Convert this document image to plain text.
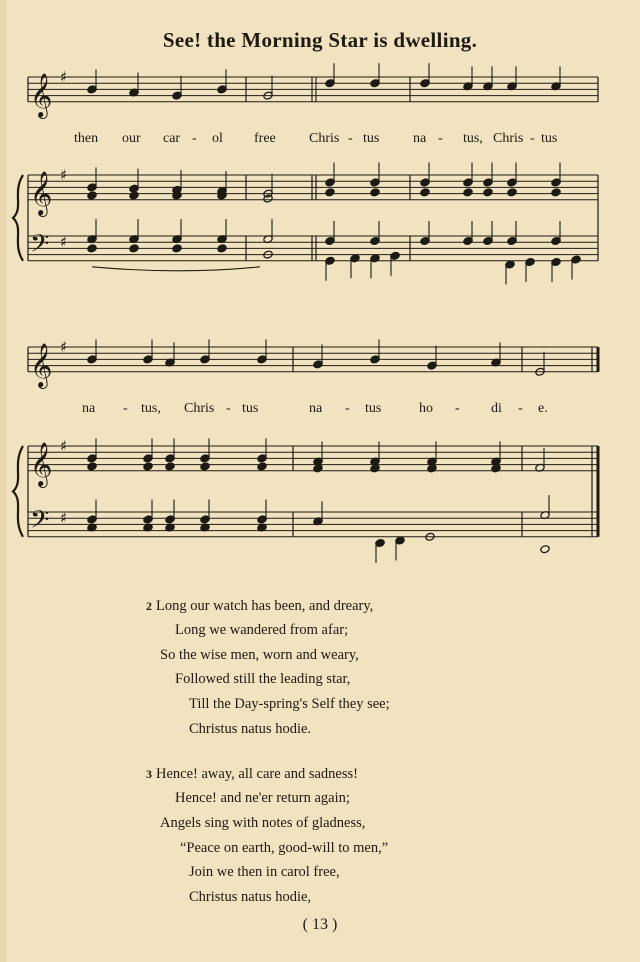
See! the Morning Star is dwelling.
𝄞 ♯
𝄞 ♯
𝄢 ♯
𝄞 ♯
𝄞 ♯
𝄢 ♯
then our car - ol free Chris - tus na - tus, Chris - tus
na - tus, Chris - tus	na - tus	ho - di - e.
2 Long our watch has been, and dreary,
Long we wandered from afar;
So the wise men, worn and weary,
Followed still the leading star,
Till the Day-spring's Self they see;
Christus natus hodie.
3 Hence! away, all care and sadness!
Hence! and ne'er return again;
Angels sing with notes of gladness,
“Peace on earth, good-will to men,”
Join we then in carol free,
Christus natus hodie,
( 13 )
